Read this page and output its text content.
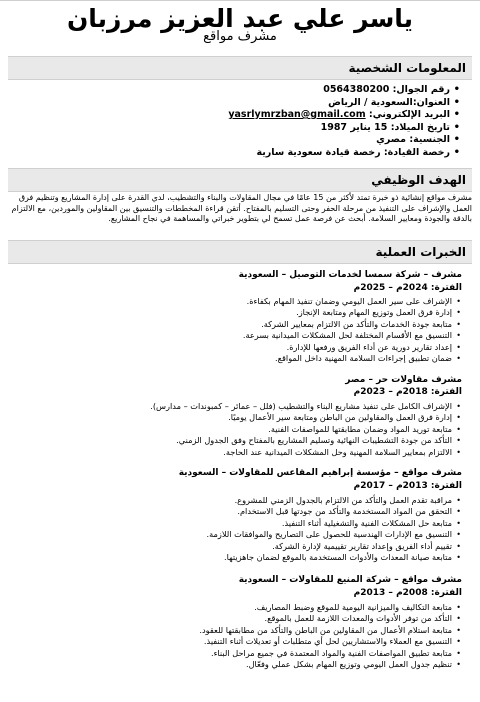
ياسر علي عبد العزيز مرزبان
مشرف مواقع
المعلومات الشخصية
• رقم الجوال: 0564380200
• العنوان:السعودية / الرياض
• البريد الإلكتروني: yasrlymrzban@gmail.com
• تاريخ الميلاد: 15 يناير 1987
• الجنسية: مصري
• رخصة القيادة: رخصة قيادة سعودية سارية
الهدف الوظيفي
مشرف مواقع إنشائية ذو خبرة تمتد لأكثر من 15 عامًا في مجال المقاولات والبناء والتشطيب، لدي القدرة على إدارة المشاريع وتنظيم فرق العمل والإشراف على التنفيذ من مرحلة الحفر وحتى التسليم بالمفتاح. أتقن قراءة المخططات والتنسيق بين المقاولين والموردين، مع الالتزام بالدقة والجودة ومعايير السلامة. أبحث عن فرصة عمل تسمح لي بتطوير خبراتي والمساهمة في نجاح المشاريع.
الخبرات العملية
مشرف – شركة سمسا لخدمات التوصيل – السعودية
الفترة: 2024م – 2025م
• الإشراف على سير العمل اليومي وضمان تنفيذ المهام بكفاءة.
• إدارة فرق العمل وتوزيع المهام ومتابعة الإنجاز.
• متابعة جودة الخدمات والتأكد من الالتزام بمعايير الشركة.
• التنسيق مع الأقسام المختلفة لحل المشكلات الميدانية بسرعة.
• إعداد تقارير دورية عن أداء الفريق ورفعها للإدارة.
• ضمان تطبيق إجراءات السلامة المهنية داخل المواقع.
مشرف مقاولات حر – مصر
الفترة: 2018م – 2023م
• الإشراف الكامل على تنفيذ مشاريع البناء والتشطيب (فلل – عمائر – كمبوندات – مدارس).
• إدارة فرق العمل والمقاولين من الباطن ومتابعة سير الأعمال يوميًا.
• متابعة توريد المواد وضمان مطابقتها للمواصفات الفنية.
• التأكد من جودة التشطيبات النهائية وتسليم المشاريع بالمفتاح وفق الجدول الزمني.
• الالتزام بمعايير السلامة المهنية وحل المشكلات الميدانية عند الحاجة.
مشرف مواقع – مؤسسة إبراهيم المقاعس للمقاولات – السعودية
الفترة: 2013م – 2017م
• مراقبة تقدم العمل والتأكد من الالتزام بالجدول الزمني للمشروع.
• التحقق من المواد المستخدمة والتأكد من جودتها قبل الاستخدام.
• متابعة حل المشكلات الفنية والتشغيلية أثناء التنفيذ.
• التنسيق مع الإدارات الهندسية للحصول على التصاريح والموافقات اللازمة.
• تقييم أداء الفريق وإعداد تقارير تقييمية لإدارة الشركة.
• متابعة صيانة المعدات والأدوات المستخدمة بالموقع لضمان جاهزيتها.
مشرف مواقع – شركة المنيع للمقاولات – السعودية
الفترة: 2008م – 2013م
• متابعة التكاليف والميزانية اليومية للموقع وضبط المصاريف.
• التأكد من توفر الأدوات والمعدات اللازمة للعمل بالموقع.
• متابعة استلام الأعمال من المقاولين من الباطن والتأكد من مطابقتها للعقود.
• التنسيق مع العملاء والاستشاريين لحل أي متطلبات أو تعديلات أثناء التنفيذ.
• متابعة تطبيق المواصفات الفنية والمواد المعتمدة في جميع مراحل البناء.
• تنظيم جدول العمل اليومي وتوزيع المهام بشكل عملي وفعّال.
